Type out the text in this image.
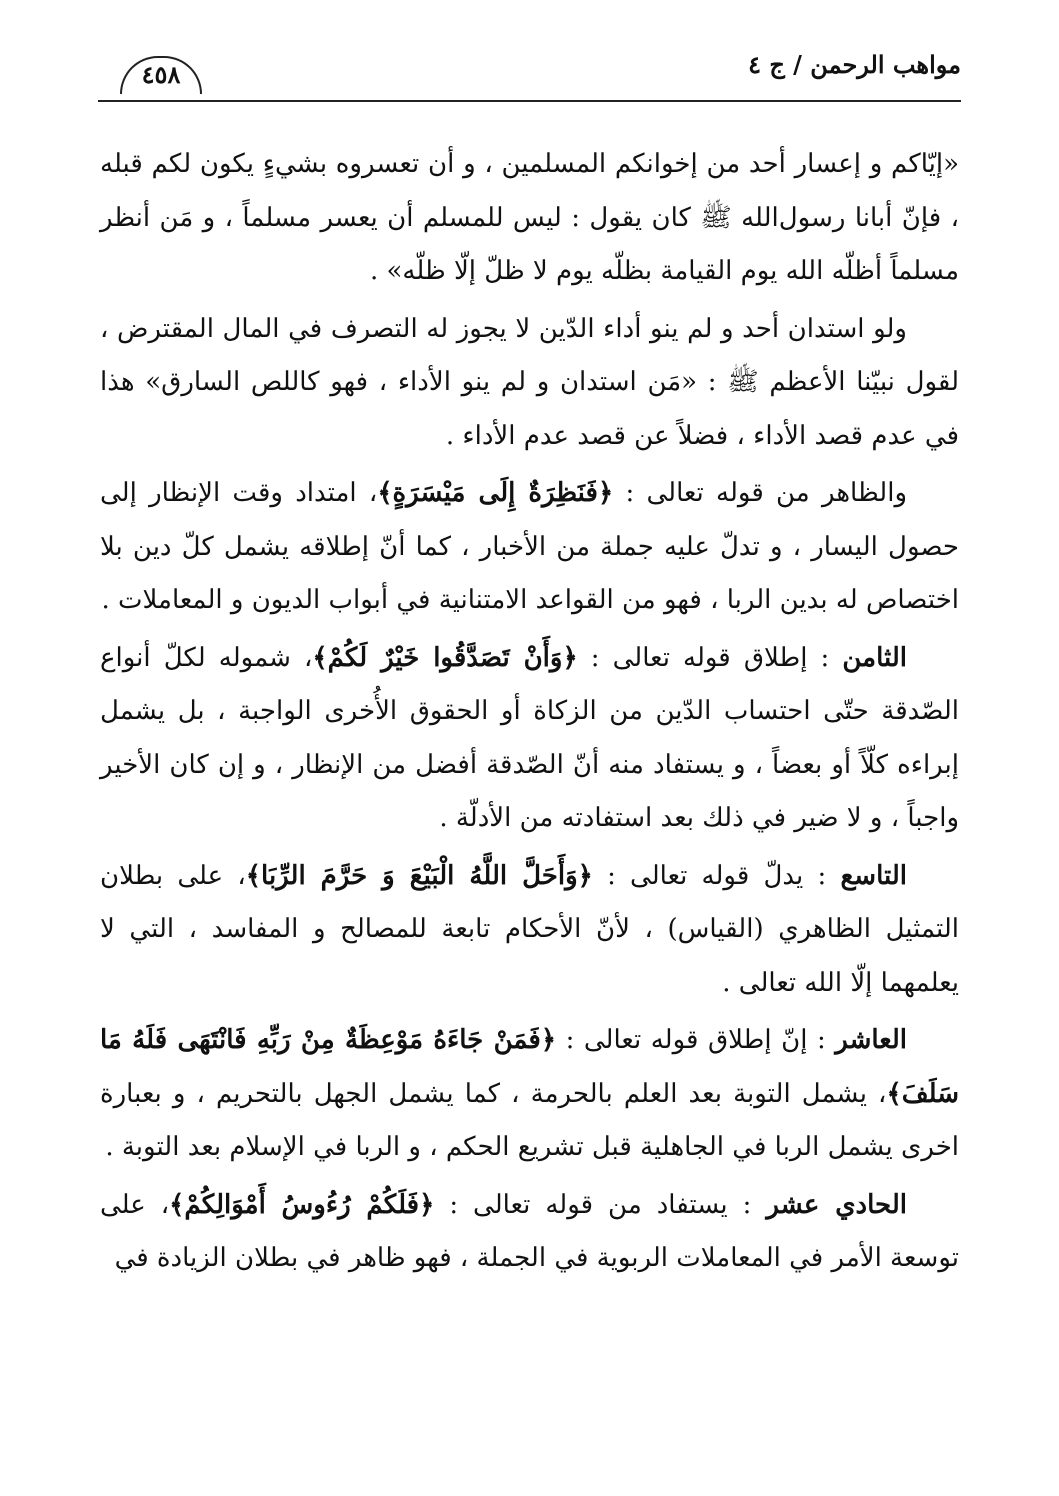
مواهب الرحمن / ج ٤
٤٥٨

«إيّاكم و إعسار أحد من إخوانكم المسلمين ، و أن تعسروه بشيءٍ يكون لكم قبله ، فإنّ أبانا رسول‌الله ﷺ كان يقول : ليس للمسلم أن يعسر مسلماً ، و مَن أنظر مسلماً أظلّه الله يوم القيامة بظلّه يوم لا ظلّ إلّا ظلّه» .

ولو استدان أحد و لم ينو أداء الدّين لا يجوز له التصرف في المال المقترض ، لقول نبيّنا الأعظم ﷺ : «مَن استدان و لم ينو الأداء ، فهو كاللص السارق» هذا في عدم قصد الأداء ، فضلاً عن قصد عدم الأداء .

والظاهر من قوله تعالى : ﴿فَنَظِرَةٌ إِلَى مَيْسَرَةٍ﴾، امتداد وقت الإنظار إلى حصول اليسار ، و تدلّ عليه جملة من الأخبار ، كما أنّ إطلاقه يشمل كلّ دين بلا اختصاص له بدين الربا ، فهو من القواعد الامتنانية في أبواب الديون و المعاملات .

الثامن : إطلاق قوله تعالى : ﴿وَأَنْ تَصَدَّقُوا خَيْرٌ لَكُمْ﴾، شموله لكلّ أنواع الصّدقة حتّى احتساب الدّين من الزكاة أو الحقوق الأُخرى الواجبة ، بل يشمل إبراءه كلّاً أو بعضاً ، و يستفاد منه أنّ الصّدقة أفضل من الإنظار ، و إن كان الأخير واجباً ، و لا ضير في ذلك بعد استفادته من الأدلّة .

التاسع : يدلّ قوله تعالى : ﴿وَأَحَلَّ اللَّهُ الْبَيْعَ وَ حَرَّمَ الرِّبَا﴾، على بطلان التمثيل الظاهري (القياس) ، لأنّ الأحكام تابعة للمصالح و المفاسد ، التي لا يعلمهما إلّا الله تعالى .

العاشر : إنّ إطلاق قوله تعالى : ﴿فَمَنْ جَاءَهُ مَوْعِظَةٌ مِنْ رَبِّهِ فَانْتَهَى فَلَهُ مَا سَلَفَ﴾، يشمل التوبة بعد العلم بالحرمة ، كما يشمل الجهل بالتحريم ، و بعبارة اخرى يشمل الربا في الجاهلية قبل تشريع الحكم ، و الربا في الإسلام بعد التوبة .

الحادي عشر : يستفاد من قوله تعالى : ﴿فَلَكُمْ رُءُوسُ أَمْوَالِكُمْ﴾، على توسعة الأمر في المعاملات الربوية في الجملة ، فهو ظاهر في بطلان الزيادة في
